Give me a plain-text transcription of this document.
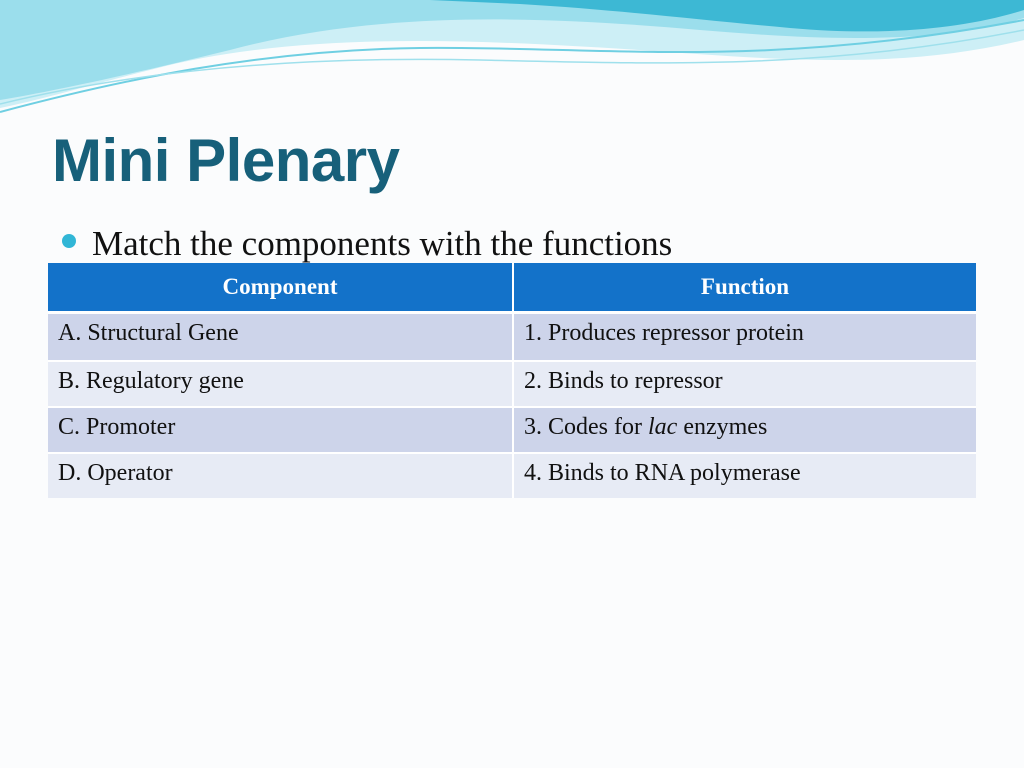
Mini Plenary
Match the components with the functions
Component	Function
A. Structural Gene	1. Produces repressor protein
B. Regulatory gene	2. Binds to repressor
C. Promoter	3. Codes for lac enzymes
D. Operator	4. Binds to RNA polymerase
